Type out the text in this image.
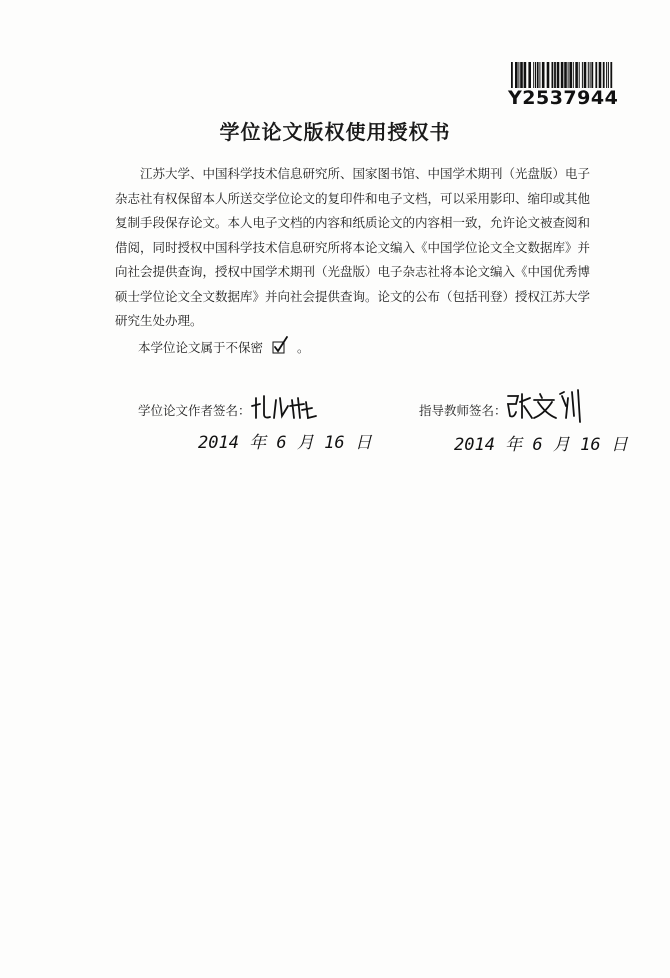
Y2537944
学位论文版权使用授权书

江苏大学、中国科学技术信息研究所、国家图书馆、中国学术期刊（光盘版）电子杂志社有权保留本人所送交学位论文的复印件和电子文档，可以采用影印、缩印或其他复制手段保存论文。本人电子文档的内容和纸质论文的内容相一致，允许论文被查阅和借阅，同时授权中国科学技术信息研究所将本论文编入《中国学位论文全文数据库》并向社会提供查询，授权中国学术期刊（光盘版）电子杂志社将本论文编入《中国优秀博硕士学位论文全文数据库》并向社会提供查询。论文的公布（包括刊登）授权江苏大学研究生处办理。

本学位论文属于不保密	。
学位论文作者签名：
2014 年 6 月 16 日
指导教师签名：
2014 年 6 月 16 日
